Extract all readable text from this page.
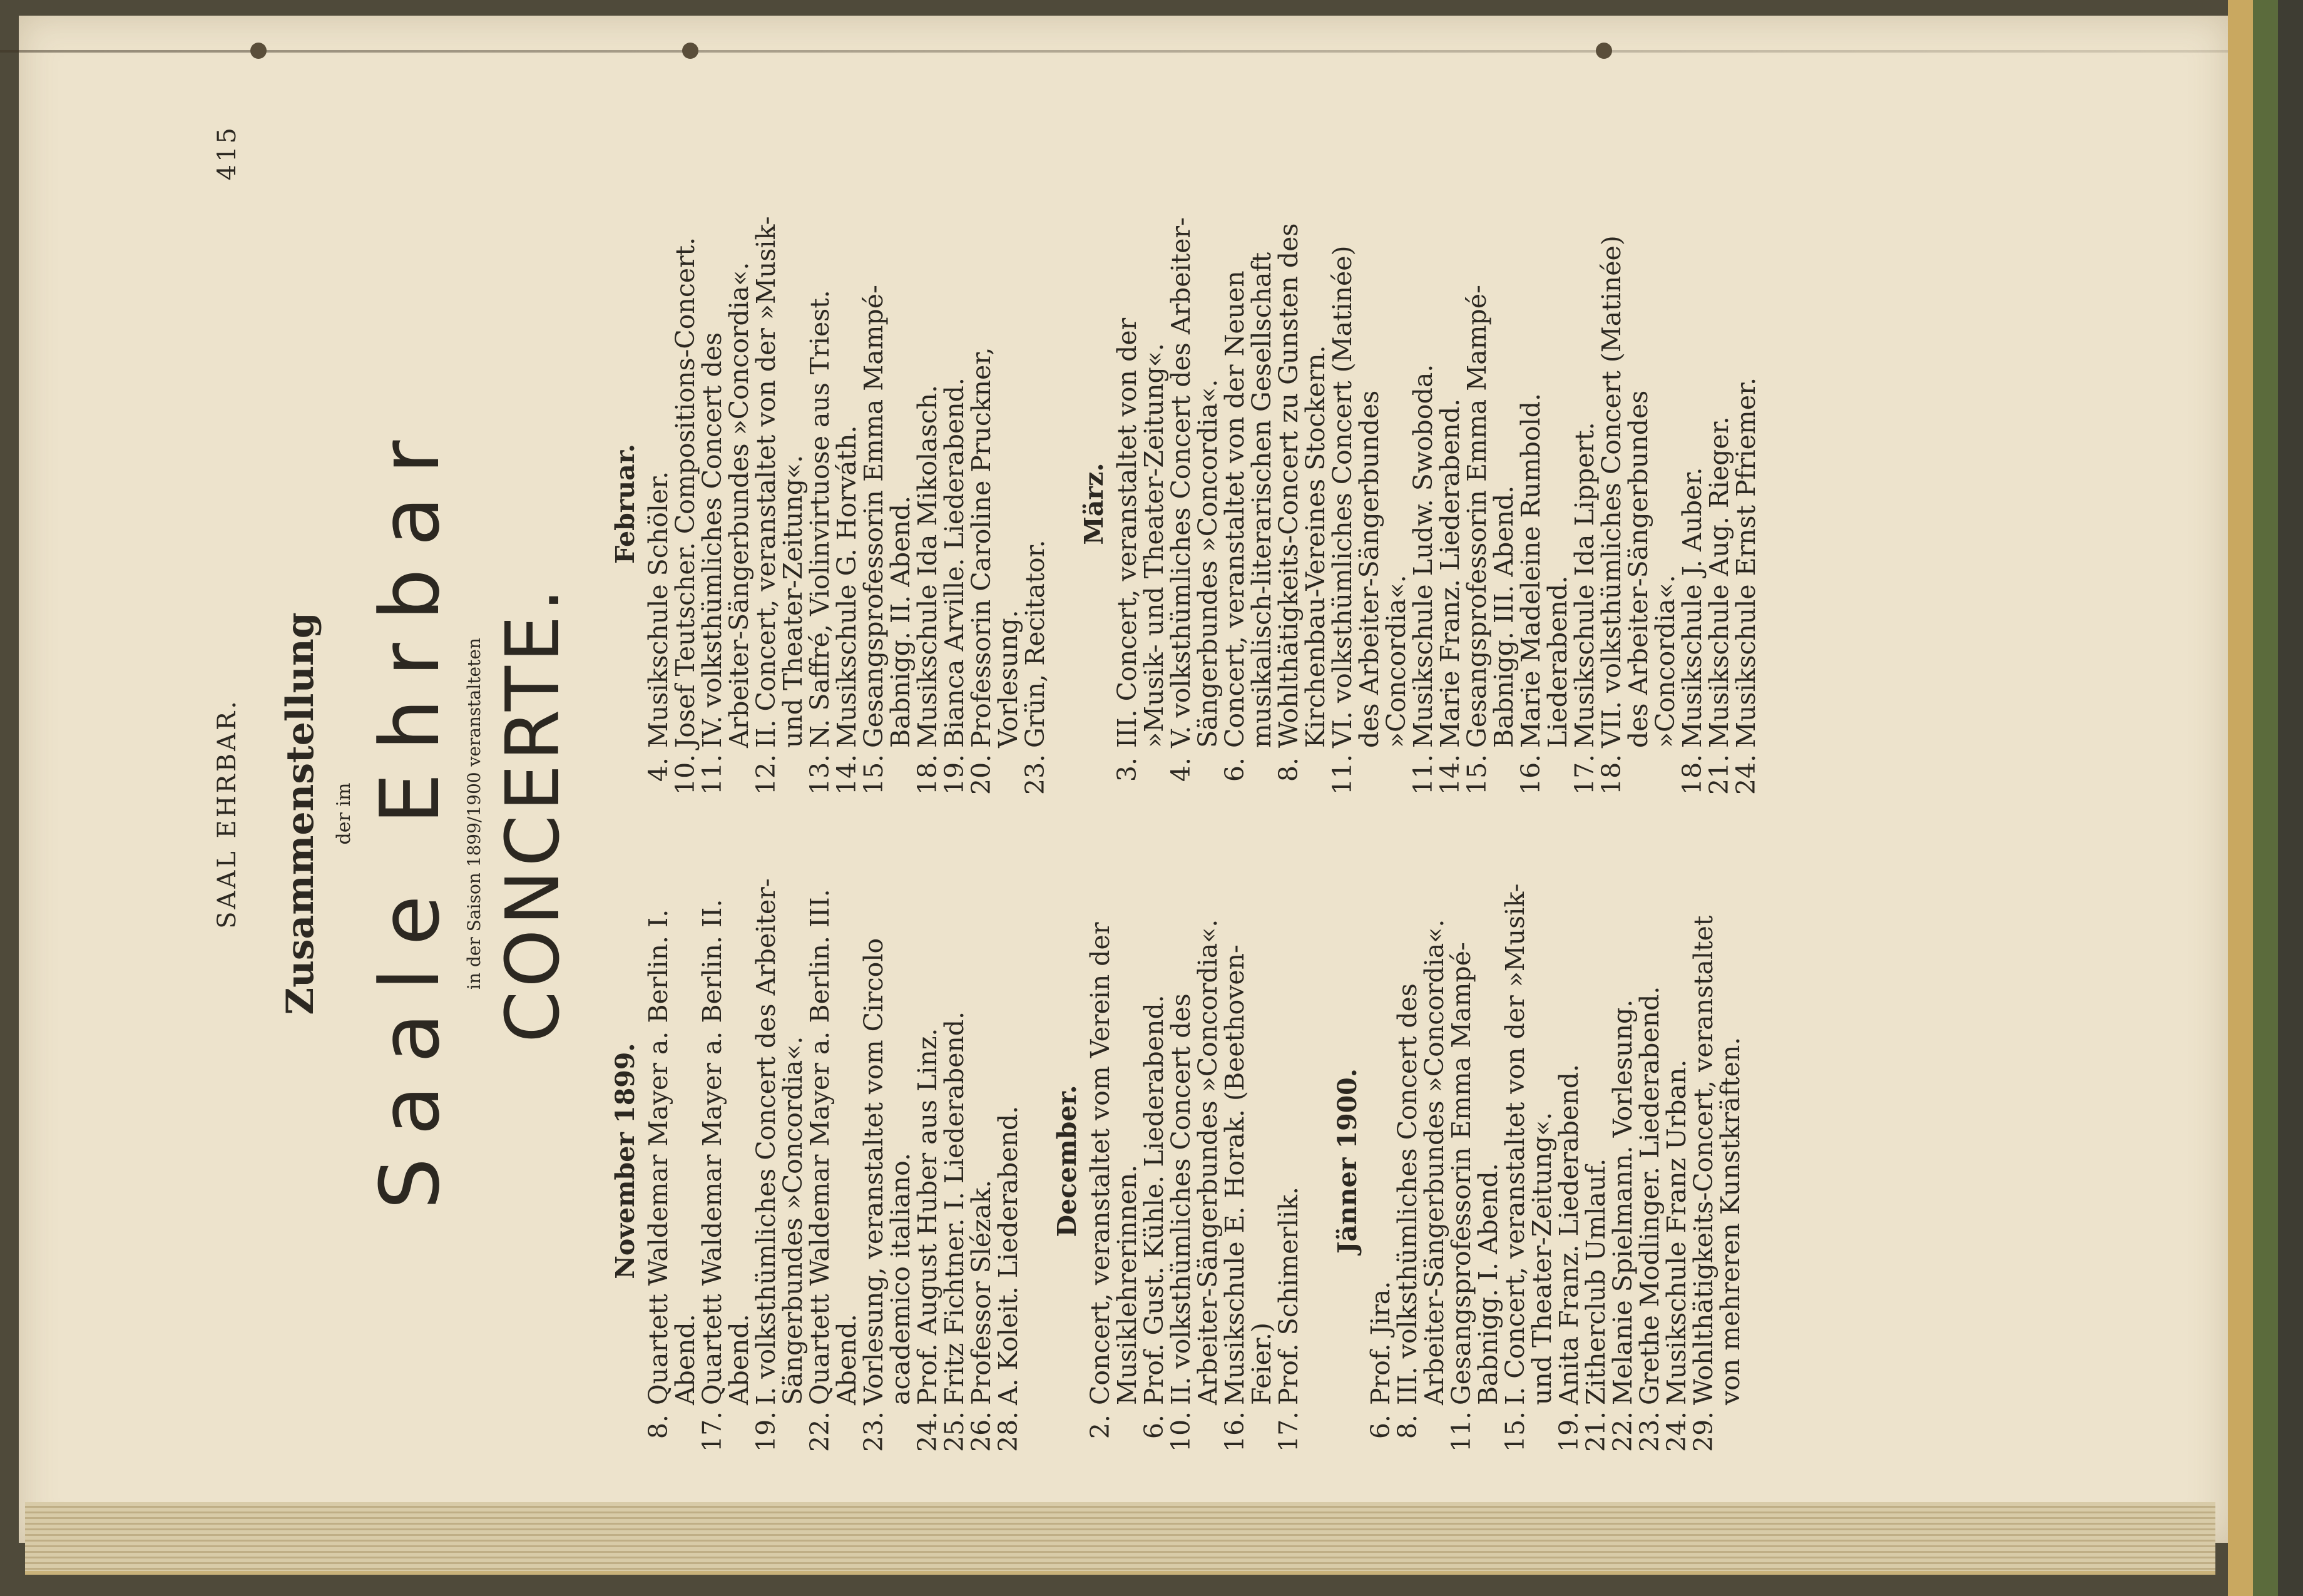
SAAL EHRBAR.
415
Zusammenstellung der im Saale Ehrbar in der Saison 1899/1900 veranstalteten CONCERTE.
November 1899.
8.
Quartett Waldemar Mayer a. Berlin. I. Abend.
17.
Quartett Waldemar Mayer a. Berlin. II. Abend.
19.
I. volksthümliches Concert des Arbeiter-Sängerbundes »Concordia«.
22.
Quartett Waldemar Mayer a. Berlin. III. Abend.
23.
Vorlesung, veranstaltet vom Circolo academico italiano.
24.
Prof. August Huber aus Linz.
25.
Fritz Fichtner. I. Liederabend.
26.
Professor Slézak.
28.
A. Koleit. Liederabend. December.
2.
Concert, veranstaltet vom Verein der Musiklehrerinnen.
6.
Prof. Gust. Kühle. Liederabend.
10.
II. volksthümliches Concert des Arbeiter-Sängerbundes »Concordia«.
16.
Musikschule E. Horak. (Beethoven-Feier.)
17.
Prof. Schimerlik.
Jänner 1900.
6.
Prof. Jira.
8.
III. volksthümliches Concert des Arbeiter-Sängerbundes »Concordia«.
11.
Gesangsprofessorin Emma Mampé-Babnigg. I. Abend.
15.
I. Concert, veranstaltet von der »Musik- und Theater-Zeitung«.
19.
Anita Franz. Liederabend.
21.
Zitherclub Umlauf.
22.
Melanie Spielmann. Vorlesung.
23.
Grethe Modlinger. Liederabend.
24.
Musikschule Franz Urban.
29.
Wohlthätigkeits-Concert, veranstaltet von mehreren Kunstkräften.
Februar.
4.
Musikschule Schöler.
10.
Josef Teutscher. Compositions-Concert.
11.
IV. volksthümliches Concert des Arbeiter-Sängerbundes »Concordia«.
12.
II. Concert, veranstaltet von der »Musik- und Theater-Zeitung«.
13.
N. Saffré, Violinvirtuose aus Triest.
14.
Musikschule G. Horváth.
15.
Gesangsprofessorin Emma Mampé-Babnigg. II. Abend.
18.
Musikschule Ida Mikolasch.
19.
Bianca Arville. Liederabend.
20.
Professorin Caroline Pruckner, Vorlesung.
23.
Grün, Recitator.
März.
3.
III. Concert, veranstaltet von der »Musik- und Theater-Zeitung«.
4.
V. volksthümliches Concert des Arbeiter-Sängerbundes »Concordia«.
6.
Concert, veranstaltet von der Neuen musikalisch-literarischen Gesellschaft
8.
Wohlthätigkeits-Concert zu Gunsten des Kirchenbau-Vereines Stockern.
11.
VI. volksthümliches Concert (Matinée) des Arbeiter-Sängerbundes »Concordia«.
11.
Musikschule Ludw. Swoboda.
14.
Marie Franz. Liederabend.
15.
Gesangsprofessorin Emma Mampé-Babnigg. III. Abend.
16.
Marie Madeleine Rumbold. Liederabend.
17.
Musikschule Ida Lippert.
18.
VII. volksthümliches Concert (Matinée) des Arbeiter-Sängerbundes »Concordia«.
18.
Musikschule J. Auber.
21.
Musikschule Aug. Rieger.
24.
Musikschule Ernst Pfriemer.
